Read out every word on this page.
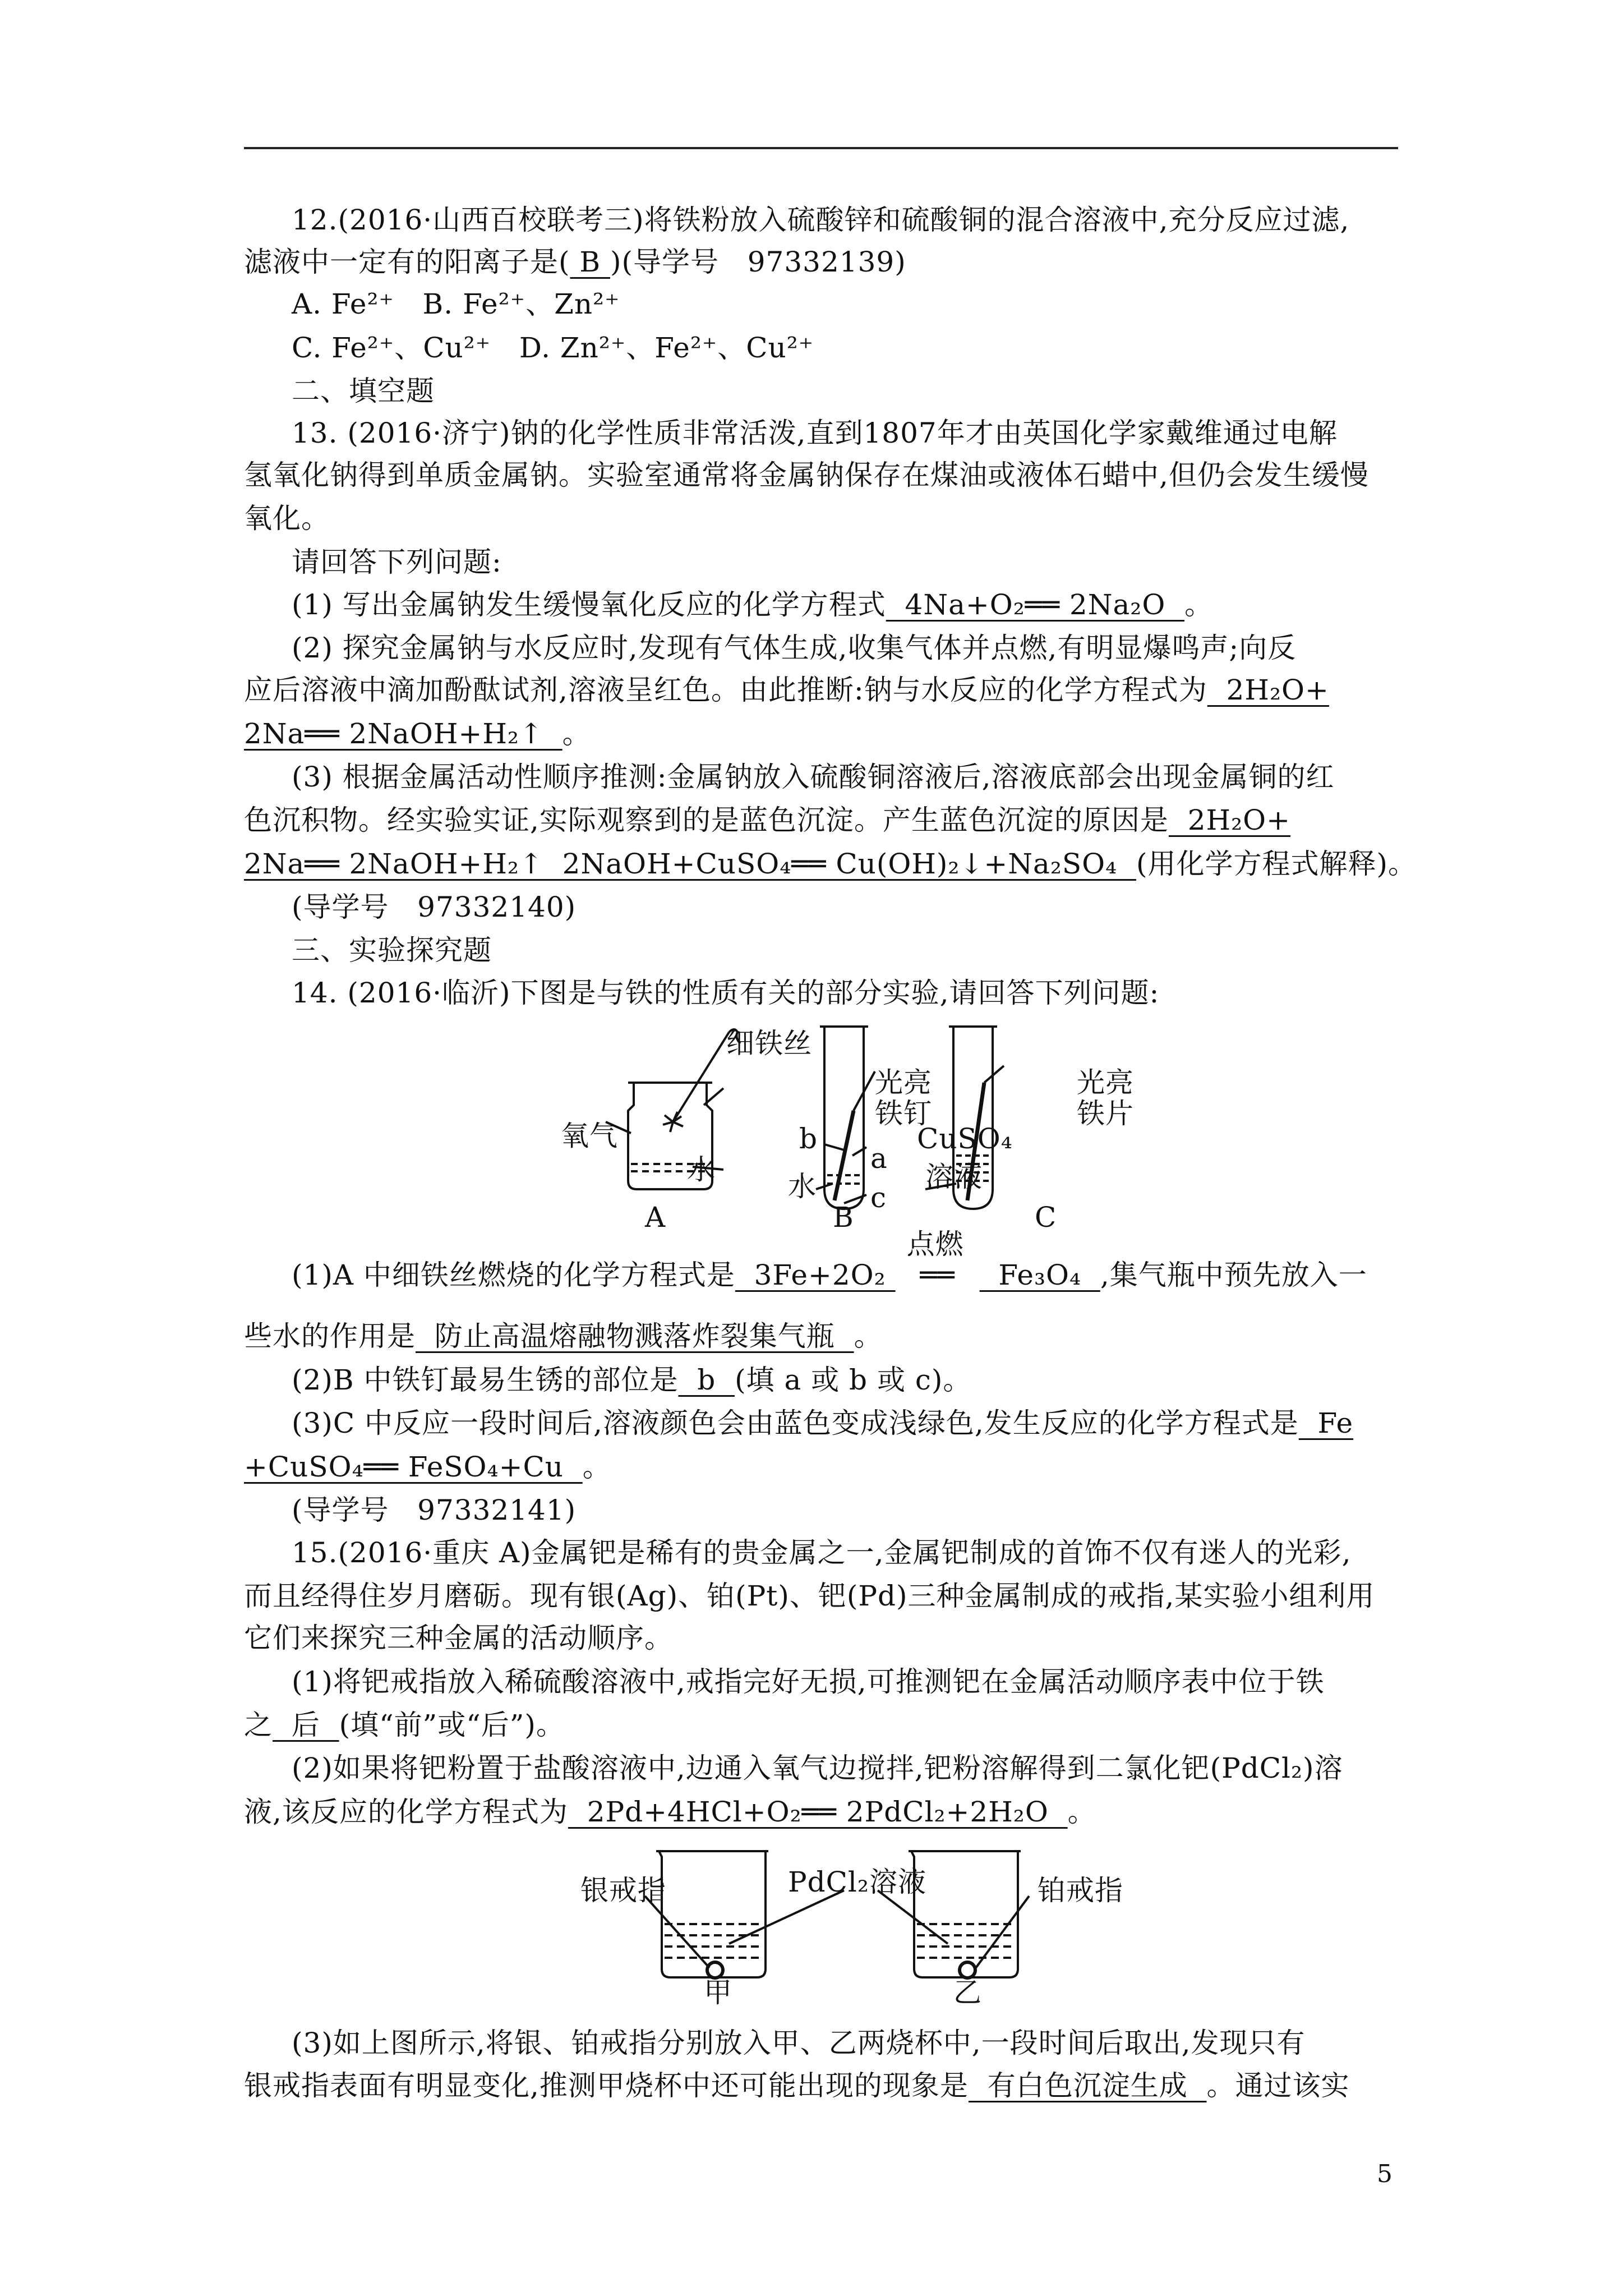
12.(2016·山西百校联考三)将铁粉放入硫酸锌和硫酸铜的混合溶液中,充分反应过滤,
滤液中一定有的阳离子是( B )(导学号   97332139)
A. Fe²⁺   B. Fe²⁺、Zn²⁺
C. Fe²⁺、Cu²⁺   D. Zn²⁺、Fe²⁺、Cu²⁺
二、填空题
13. (2016·济宁)钠的化学性质非常活泼,直到1807年才由英国化学家戴维通过电解
氢氧化钠得到单质金属钠。实验室通常将金属钠保存在煤油或液体石蜡中,但仍会发生缓慢
氧化。
请回答下列问题:
(1) 写出金属钠发生缓慢氧化反应的化学方程式  4Na+O₂══ 2Na₂O  。
(2) 探究金属钠与水反应时,发现有气体生成,收集气体并点燃,有明显爆鸣声;向反
应后溶液中滴加酚酞试剂,溶液呈红色。由此推断:钠与水反应的化学方程式为  2H₂O+
2Na══ 2NaOH+H₂↑  。
(3) 根据金属活动性顺序推测:金属钠放入硫酸铜溶液后,溶液底部会出现金属铜的红
色沉积物。经实验实证,实际观察到的是蓝色沉淀。产生蓝色沉淀的原因是  2H₂O+
2Na══ 2NaOH+H₂↑  2NaOH+CuSO₄══ Cu(OH)₂↓+Na₂SO₄  (用化学方程式解释)。
(导学号   97332140)
三、实验探究题
14. (2016·临沂)下图是与铁的性质有关的部分实验,请回答下列问题:
细铁丝
氧气
水
A
光亮
铁钉
b
a
c
水
B
光亮
铁片
CuSO₄
溶液
C
(1)A 中细铁丝燃烧的化学方程式是  3Fe+2O₂
点燃
══  Fe₃O₄  ,集气瓶中预先放入一
些水的作用是  防止高温熔融物溅落炸裂集气瓶  。
(2)B 中铁钉最易生锈的部位是  b  (填 a 或 b 或 c)。
(3)C 中反应一段时间后,溶液颜色会由蓝色变成浅绿色,发生反应的化学方程式是  Fe
+CuSO₄══ FeSO₄+Cu  。
(导学号   97332141)
15.(2016·重庆 A)金属钯是稀有的贵金属之一,金属钯制成的首饰不仅有迷人的光彩,
而且经得住岁月磨砺。现有银(Ag)、铂(Pt)、钯(Pd)三种金属制成的戒指,某实验小组利用
它们来探究三种金属的活动顺序。
(1)将钯戒指放入稀硫酸溶液中,戒指完好无损,可推测钯在金属活动顺序表中位于铁
之  后  (填“前”或“后”)。
(2)如果将钯粉置于盐酸溶液中,边通入氧气边搅拌,钯粉溶解得到二氯化钯(PdCl₂)溶
液,该反应的化学方程式为  2Pd+4HCl+O₂══ 2PdCl₂+2H₂O  。
银戒指	PdCl₂溶液	铂戒指
甲	乙
(3)如上图所示,将银、铂戒指分别放入甲、乙两烧杯中,一段时间后取出,发现只有
银戒指表面有明显变化,推测甲烧杯中还可能出现的现象是  有白色沉淀生成  。通过该实
5
